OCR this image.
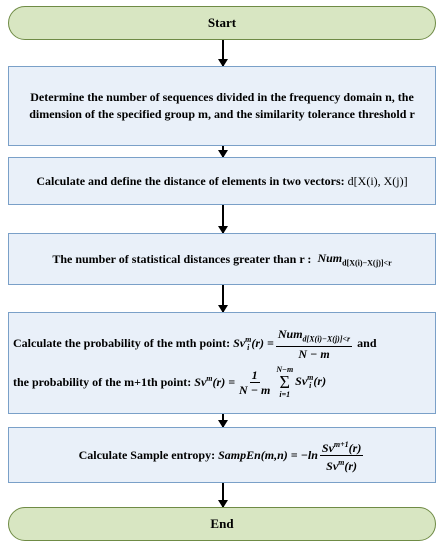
Start
Determine the number of sequences divided in the frequency domain n, the dimension of the specified group m, and the similarity tolerance threshold r
Calculate and define the distance of elements in two vectors:
d[X(i), X(j)]
The number of statistical distances greater than r :
Num$_{d[X(i)-X(j)]<r}$
Calculate the probability of the mth point:
Sv m
i $(r) = \frac{Num_{d[X(i)-X(j)]<r}}{N - m}$
and
the probability of the m+1th point:
$Sv^m(r) = \frac{1}{N - m} N-m$
Σ
i=1
Sv m
i (r)
Calculate Sample entropy:
SampEn(m,n) = $-\ln \frac{Sv^{m+1}(r)}{Sv^m(r)}$
End
